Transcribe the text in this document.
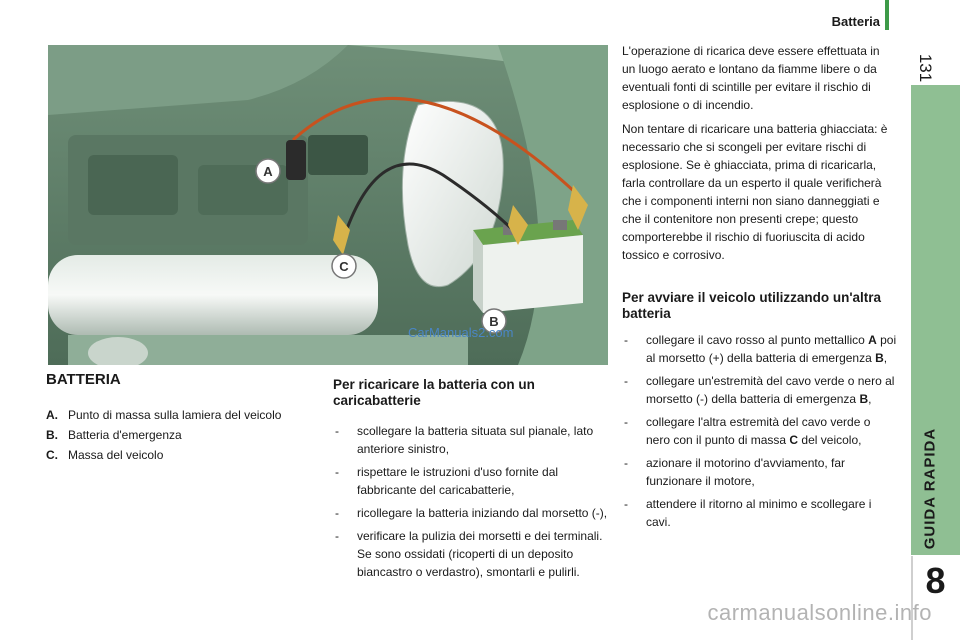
Batteria
131
GUIDA RAPIDA
8
A
C
B
CarManuals2.com
BATTERIA
A. Punto di massa sulla lamiera del veicolo
B. Batteria d'emergenza
C. Massa del veicolo
Per ricaricare la batteria con un caricabatterie
- scollegare la batteria situata sul pianale, lato anteriore sinistro,
- rispettare le istruzioni d'uso fornite dal fabbricante del caricabatterie,
- ricollegare la batteria iniziando dal morsetto (-),
- verificare la pulizia dei morsetti e dei terminali. Se sono ossidati (ricoperti di un deposito biancastro o verdastro), smontarli e pulirli.

L'operazione di ricarica deve essere effettuata in un luogo aerato e lontano da fiamme libere o da eventuali fonti di scintille per evitare il rischio di esplosione o di incendio.

Non tentare di ricaricare una batteria ghiacciata: è necessario che si scongeli per evitare rischi di esplosione. Se è ghiacciata, prima di ricaricarla, farla controllare da un esperto il quale verificherà che i componenti interni non siano danneggiati e che il contenitore non presenti crepe; questo comporterebbe il rischio di fuoriuscita di acido tossico e corrosivo.

Per avviare il veicolo utilizzando un'altra batteria
- collegare il cavo rosso al punto mettallico A poi al morsetto (+) della batteria di emergenza B,
- collegare un'estremità del cavo verde o nero al morsetto (-) della batteria di emergenza B,
- collegare l'altra estremità del cavo verde o nero con il punto di massa C del veicolo,
- azionare il motorino d'avviamento, far funzionare il motore,
- attendere il ritorno al minimo e scollegare i cavi.
carmanualsonline.info
